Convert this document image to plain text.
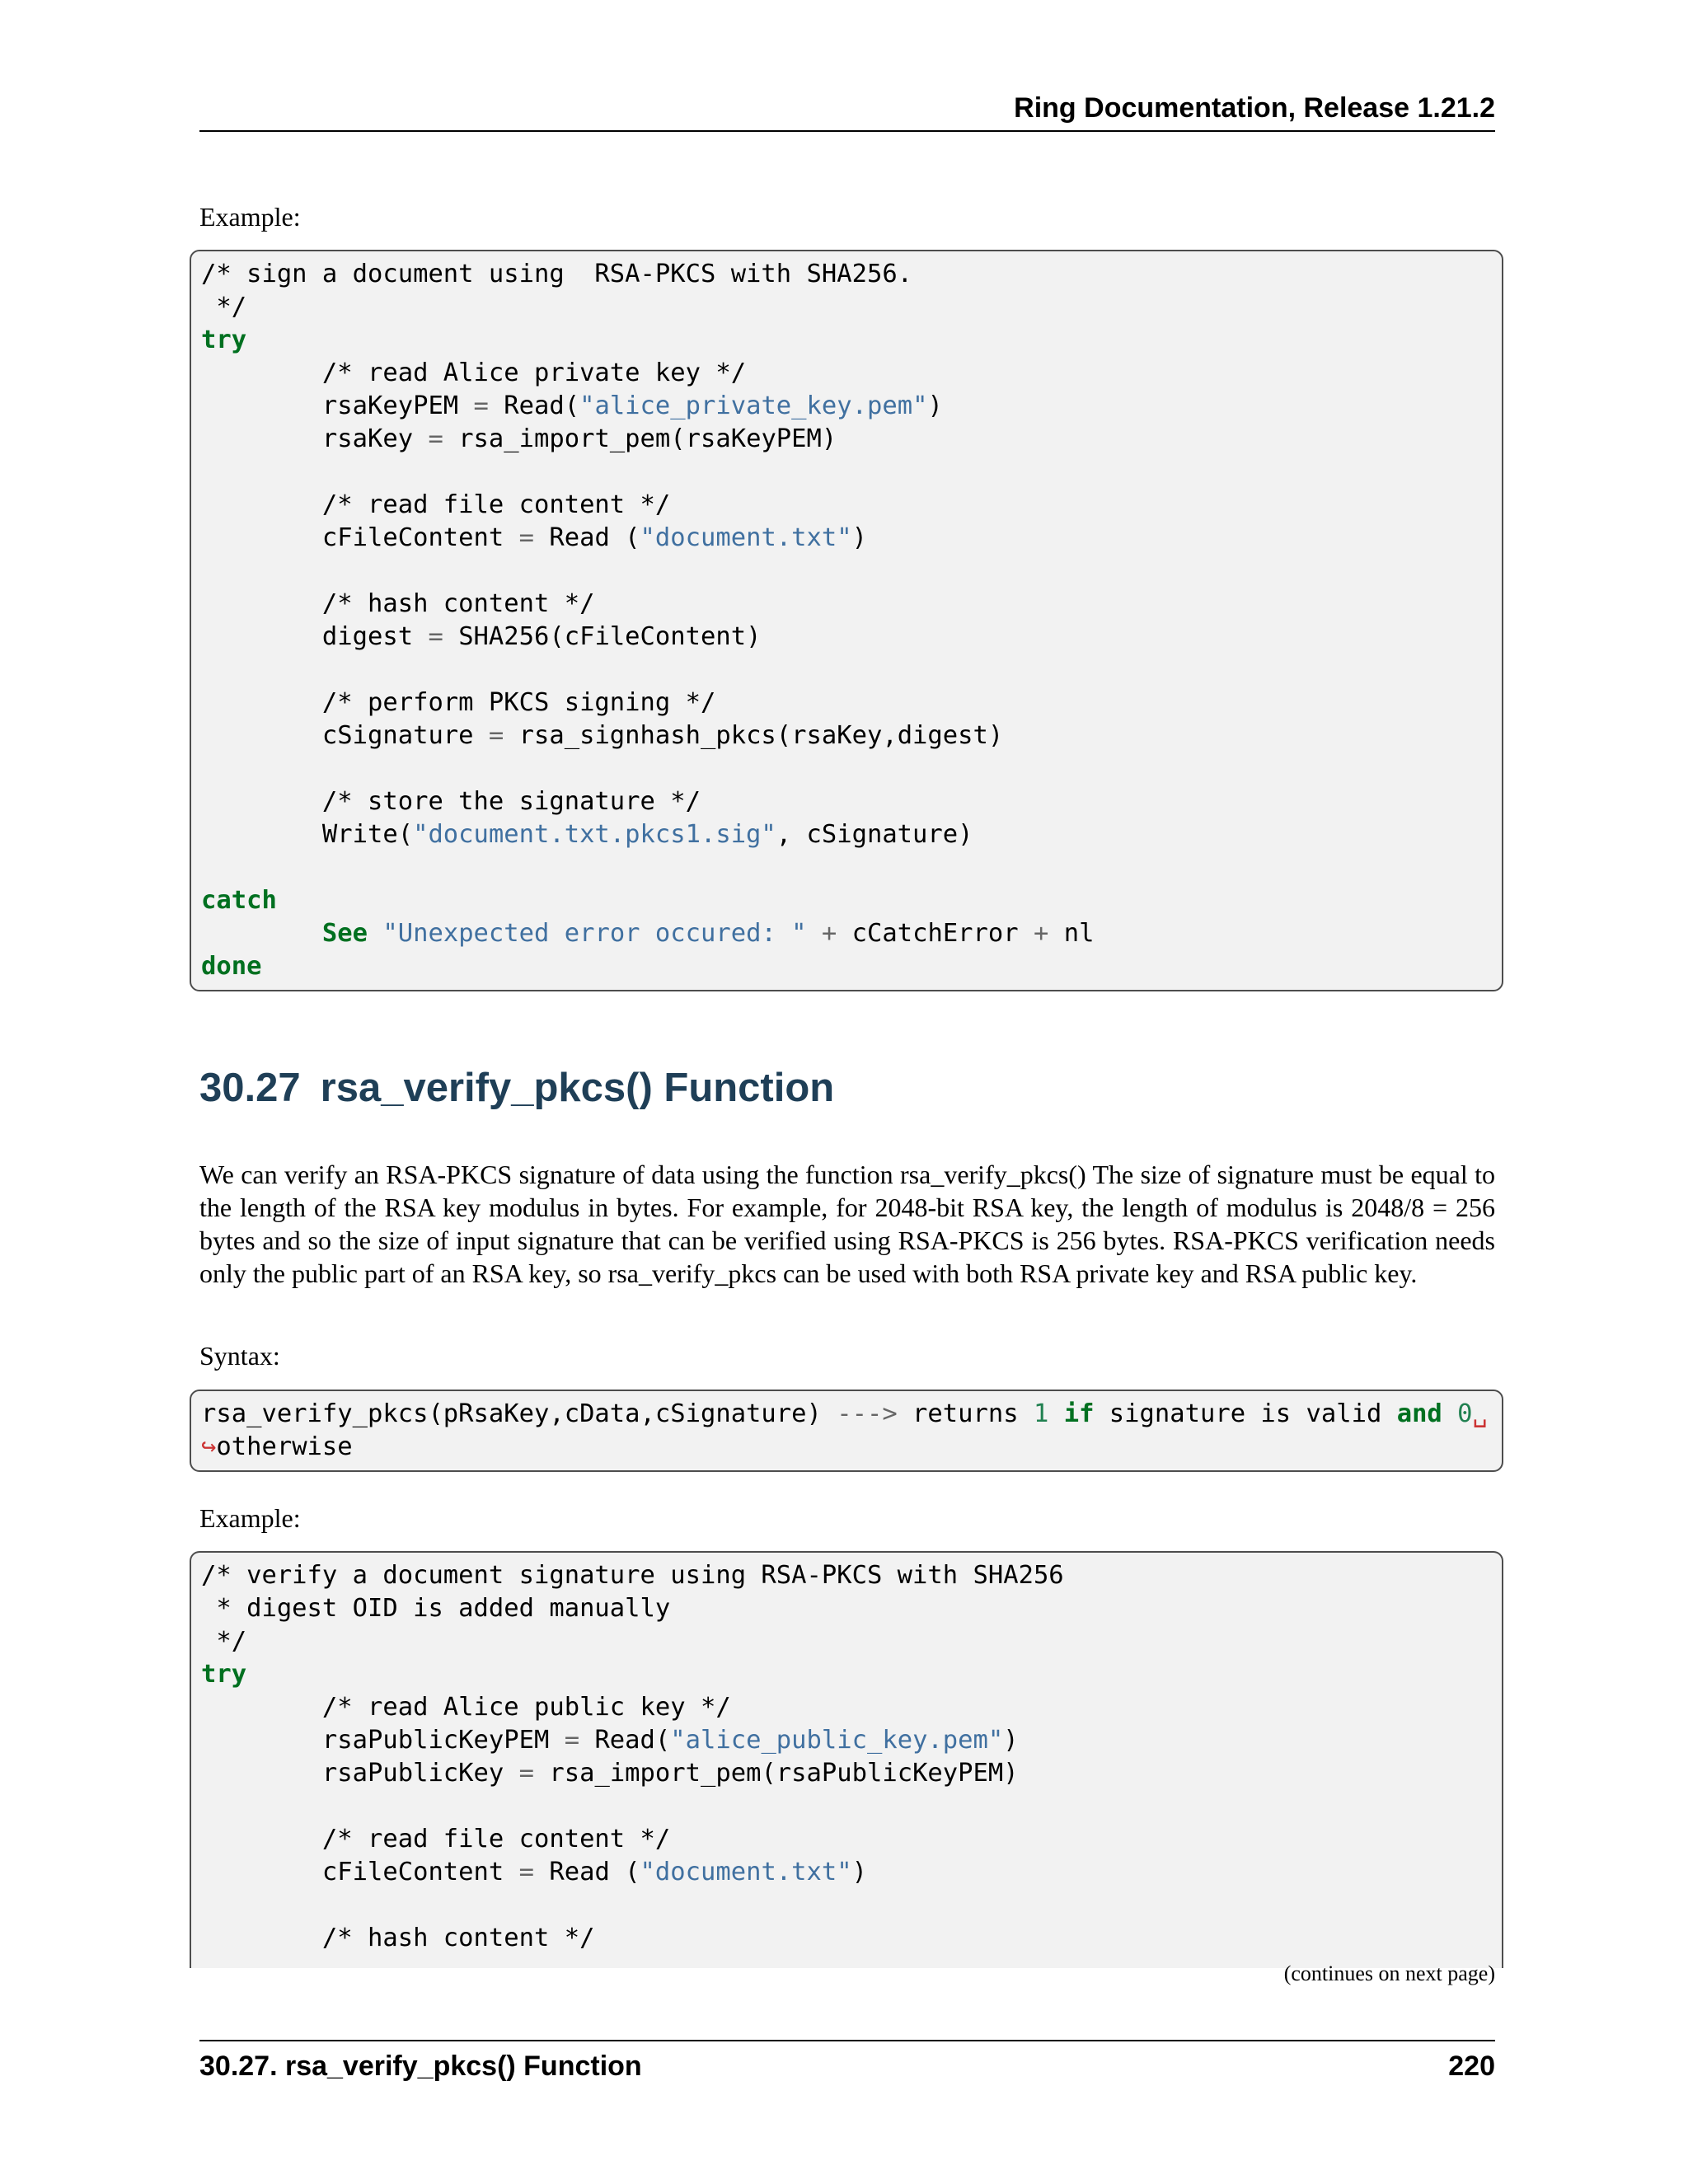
Ring Documentation, Release 1.21.2
Example:
/* sign a document using  RSA-PKCS with SHA256.
*/
try
/* read Alice private key */
rsaKeyPEM = Read("alice_private_key.pem")
rsaKey = rsa_import_pem(rsaKeyPEM)

/* read file content */
cFileContent = Read ("document.txt")

/* hash content */
digest = SHA256(cFileContent)

/* perform PKCS signing */
cSignature = rsa_signhash_pkcs(rsaKey,digest)

/* store the signature */
Write("document.txt.pkcs1.sig", cSignature)

catch
See "Unexpected error occured: " + cCatchError + nl
done
30.27 rsa_verify_pkcs() Function

We can verify an RSA-PKCS signature of data using the function rsa_verify_pkcs() The size of signature must be equal to the length of the RSA key modulus in bytes. For example, for 2048-bit RSA key, the length of modulus is 2048/8 = 256 bytes and so the size of input signature that can be verified using RSA-PKCS is 256 bytes. RSA-PKCS verification needs only the public part of an RSA key, so rsa_verify_pkcs can be used with both RSA private key and RSA public key.

Syntax:
rsa_verify_pkcs(pRsaKey,cData,cSignature) ---> returns 1 if signature is valid and 0␣
↪otherwise
Example:
/* verify a document signature using RSA-PKCS with SHA256
* digest OID is added manually
*/
try
/* read Alice public key */
rsaPublicKeyPEM = Read("alice_public_key.pem")
rsaPublicKey = rsa_import_pem(rsaPublicKeyPEM)

/* read file content */
cFileContent = Read ("document.txt")

/* hash content */
(continues on next page)
30.27. rsa_verify_pkcs() Function	220
